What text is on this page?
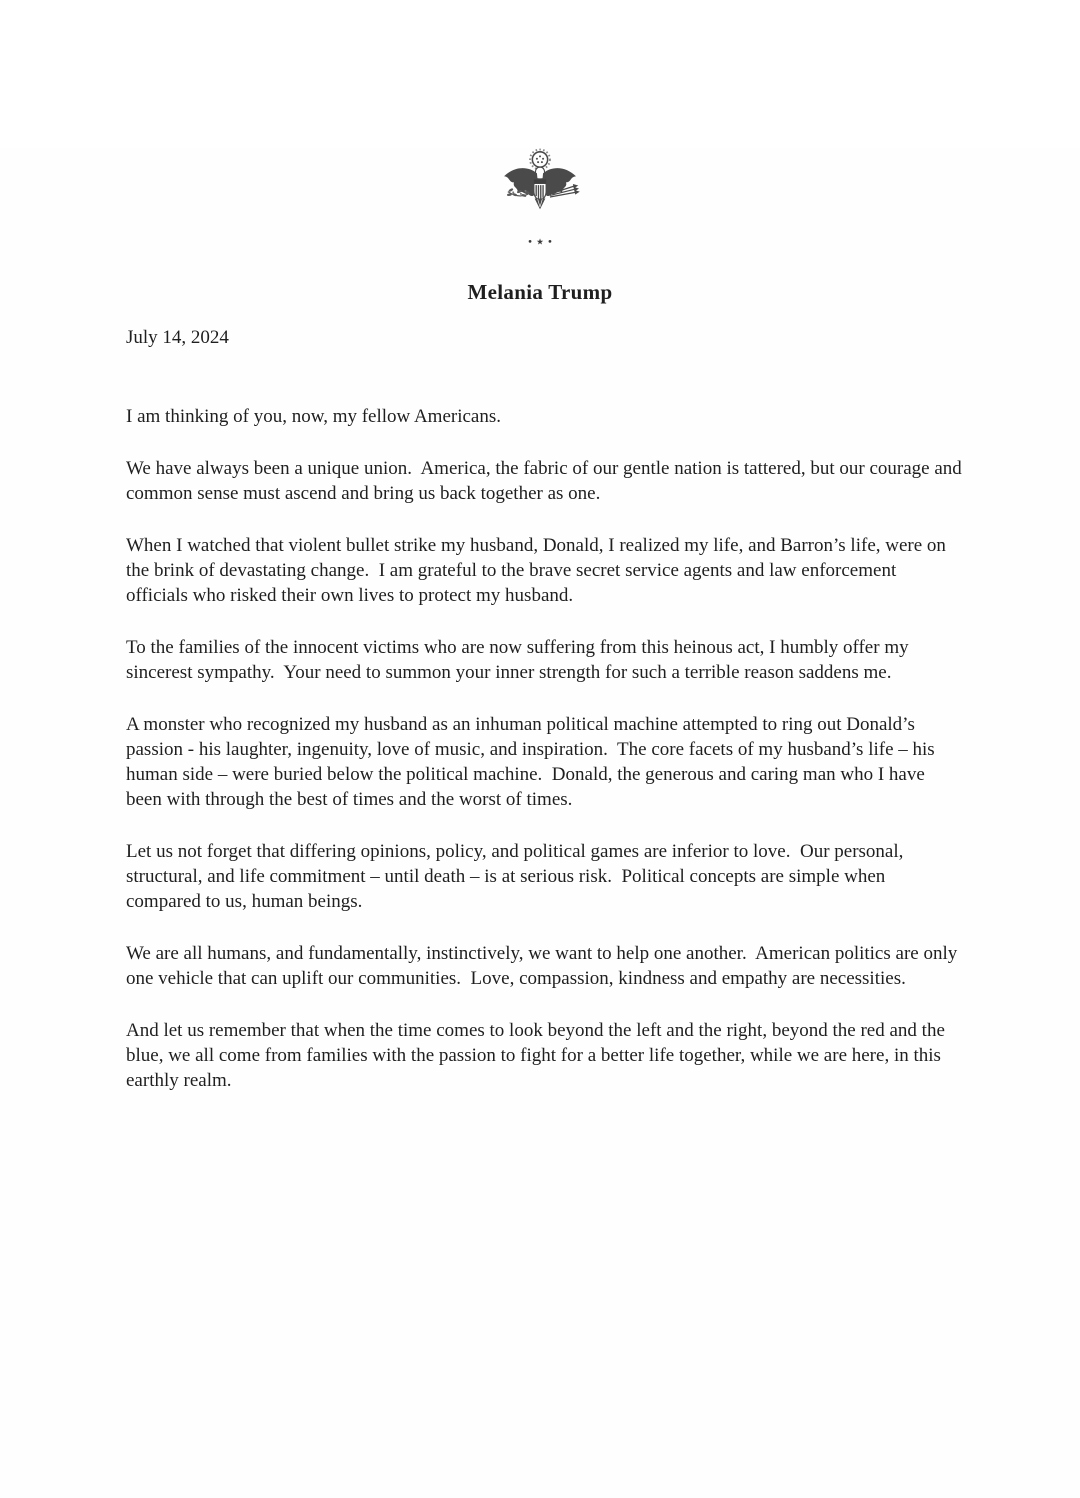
★
Melania Trump
July 14, 2024

I am thinking of you, now, my fellow Americans.

We have always been a unique union.  America, the fabric of our gentle nation is tattered, but our courage and common sense must ascend and bring us back together as one.

When I watched that violent bullet strike my husband, Donald, I realized my life, and Barron’s life, were on the brink of devastating change.  I am grateful to the brave secret service agents and law enforcement officials who risked their own lives to protect my husband.

To the families of the innocent victims who are now suffering from this heinous act, I humbly offer my sincerest sympathy.  Your need to summon your inner strength for such a terrible reason saddens me.

A monster who recognized my husband as an inhuman political machine attempted to ring out Donald’s passion - his laughter, ingenuity, love of music, and inspiration.  The core facets of my husband’s life – his human side – were buried below the political machine.  Donald, the generous and caring man who I have been with through the best of times and the worst of times.

Let us not forget that differing opinions, policy, and political games are inferior to love.  Our personal, structural, and life commitment – until death – is at serious risk.  Political concepts are simple when compared to us, human beings.

We are all humans, and fundamentally, instinctively, we want to help one another.  American politics are only one vehicle that can uplift our communities.  Love, compassion, kindness and empathy are necessities.

And let us remember that when the time comes to look beyond the left and the right, beyond the red and the blue, we all come from families with the passion to fight for a better life together, while we are here, in this earthly realm.
